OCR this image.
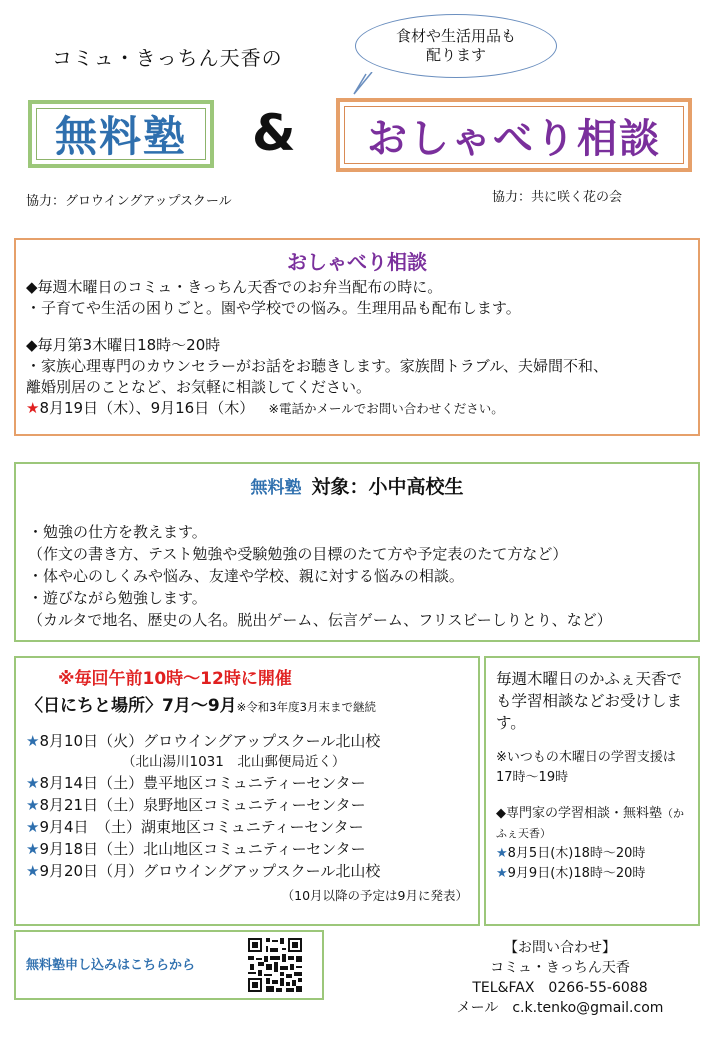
コミュ・きっちん天香の
食材や生活用品も
配ります
無料塾	&	おしゃべり相談
協力：グロウイングアップスクール	協力：共に咲く花の会
おしゃべり相談
◆毎週木曜日のコミュ・きっちん天香でのお弁当配布の時に。
・子育てや生活の困りごと。園や学校での悩み。生理用品も配布します。
◆毎月第3木曜日18時～20時
・家族心理専門のカウンセラーがお話をお聴きします。家族間トラブル、夫婦間不和、
離婚別居のことなど、お気軽に相談してください。
★8月19日（木）、9月16日（木） ※電話かメールでお問い合わせください。
無料塾 対象：小中高校生
・勉強の仕方を教えます。
（作文の書き方、テスト勉強や受験勉強の目標のたて方や予定表のたて方など）
・体や心のしくみや悩み、友達や学校、親に対する悩みの相談。
・遊びながら勉強します。
（カルタで地名、歴史の人名。脱出ゲーム、伝言ゲーム、フリスビーしりとり、など）
※毎回午前10時～12時に開催
〈日にちと場所〉7月～9月※令和3年度3月末まで継続
★8月10日（火）グロウイングアップスクール北山校
（北山湯川1031　北山郵便局近く）
★8月14日（土）豊平地区コミュニティーセンター
★8月21日（土）泉野地区コミュニティーセンター
★9月4日　（土）湖東地区コミュニティーセンター
★9月18日（土）北山地区コミュニティーセンター
★9月20日（月）グロウイングアップスクール北山校
（10月以降の予定は9月に発表）
毎週木曜日のかふぇ天香でも学習相談などお受けします。
※いつもの木曜日の学習支援は17時～19時
◆専門家の学習相談・無料塾（かふぇ天香）
★8月5日(木)18時～20時
★9月9日(木)18時～20時
無料塾申し込みはこちらから
【お問い合わせ】
コミュ・きっちん天香
TEL&FAX　0266-55-6088
メール　c.k.tenko@gmail.com
